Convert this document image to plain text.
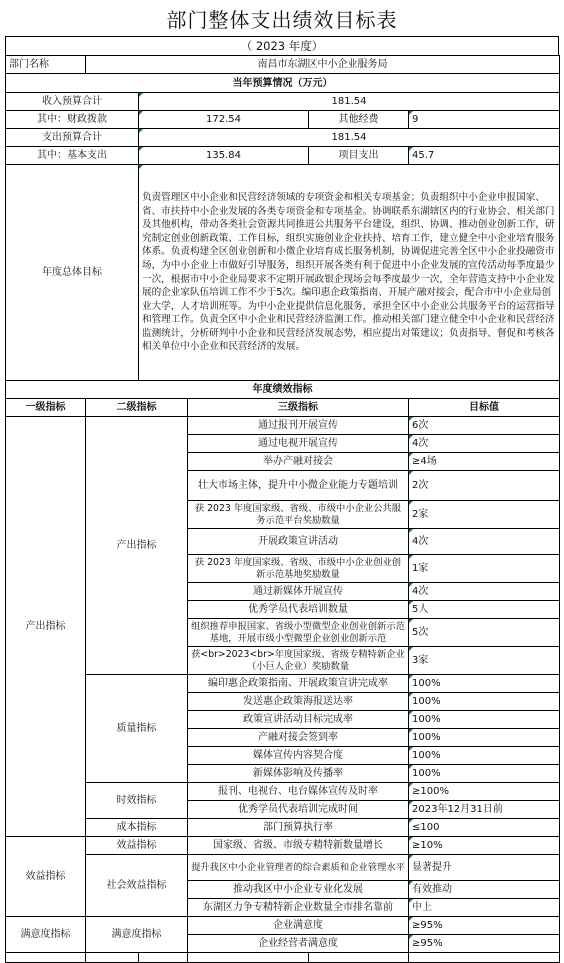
部门整体支出绩效目标表
（ 2023 年度）
部门名称	南昌市东湖区中小企业服务局				
当年预算情况（万元）					
收入预算合计		181.54			
其中：财政拨款		172.54		其他经费	9
支出预算合计		181.54			
其中：基本支出		135.84		项目支出	45.7
年度总体目标		负责管理区中小企业和民营经济领域的专项资金和相关专项基金；负责组织中小企业申报国家、省、市扶持中小企业发展的各类专项资金和专项基金。协调联系东湖辖区内的行业协会、相关部门及其他机构，带动各类社会资源共同推进公共服务平台建设，组织、协调、推动创业创新工作，研究制定创业创新政策、工作目标，组织实施创业企业扶持、培育工作，建立健全中小企业培育服务体系。负责构建全区创业创新和小微企业培育成长服务机制，协调促进完善全区中小企业投融资市场，为中小企业上市做好引导服务，组织开展各类有利于促进中小企业发展的宣传活动每季度最少一次，根据市中小企业局要求不定期开展政银企现场会每季度最少一次，全年营造支持中小企业发展的企业家队伍培训工作不少于5次。编印惠企政策指南、开展产融对接会，配合市中小企业局创业大学，人才培训班等。为中小企业提供信息化服务，承担全区中小企业公共服务平台的运营指导和管理工作。负责全区中小企业和民营经济监测工作。推动相关部门建立健全中小企业和民营经济监测统计，分析研判中小企业和民营经济发展态势，相应提出对策建议；负责指导、督促和考核各相关单位中小企业和民营经济的发展。			
年度绩效指标					
一级指标	二级指标		三级指标		目标值
产出指标	产出指标		通过报刊开展宣传		6次
			通过电视开展宣传		4次
			举办产融对接会		≥4场
			壮大市场主体，提升中小微企业能力专题培训		2次
			获 2023 年度国家级、省级、市级中小企业公共服务示范平台奖励数量		2家
			开展政策宣讲活动		4次
			获 2023 年度国家级、省级、市级中小企业创业创新示范基地奖励数量		1家
			通过新媒体开展宣传		4次
			优秀学员代表培训数量		5人
			组织推荐申报国家、省级小型微型企业创业创新示范基地，开展市级小型微型企业创业创新示范		5次
			获<br>2023<br>年度国家级、省级专精特新企业（小巨人企业）奖励数量		3家
	质量指标		编印惠企政策指南、开展政策宣讲完成率		100%
			发送惠企政策海报送达率		100%
			政策宣讲活动目标完成率		100%
			产融对接会签到率		100%
			媒体宣传内容契合度		100%
			新媒体影响及传播率		100%
	时效指标		报刊、电视台、电台媒体宣传及时率		≥100%
			优秀学员代表培训完成时间		2023年12月31日前
	成本指标		部门预算执行率		≤100
效益指标	效益指标		国家级、省级、市级专精特新数量增长		≥10%
	社会效益指标		提升我区中小企业管理者的综合素质和企业管理水平		显著提升
			推动我区中小企业专业化发展		有效推动
			东湖区力争专精特新企业数量全市排名靠前		中上
满意度指标	满意度指标		企业满意度		≥95%
			企业经营者满意度		≥95%
